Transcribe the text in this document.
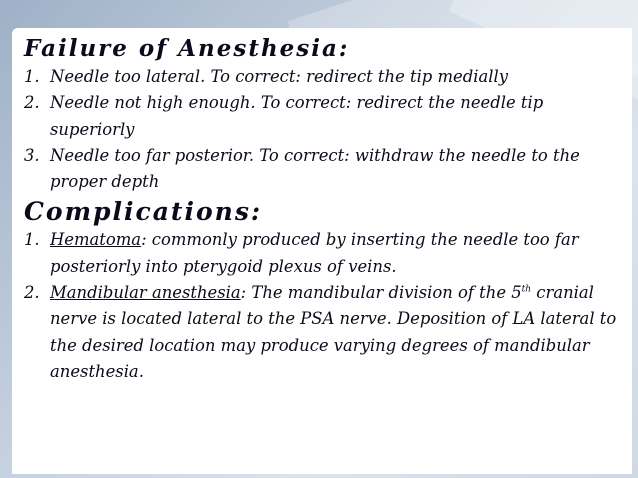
Failure of Anesthesia:
1. Needle too lateral. To correct: redirect the tip medially
2. Needle not high enough. To correct: redirect the needle tip superiorly
3. Needle too far posterior. To correct: withdraw the needle to the proper depth
Complications:
1. Hematoma: commonly produced by inserting the needle too far posteriorly into pterygoid plexus of veins.
2. Mandibular anesthesia: The mandibular division of the 5th cranial nerve is located lateral to the PSA nerve. Deposition of LA lateral to the desired location may produce varying degrees of mandibular anesthesia.
